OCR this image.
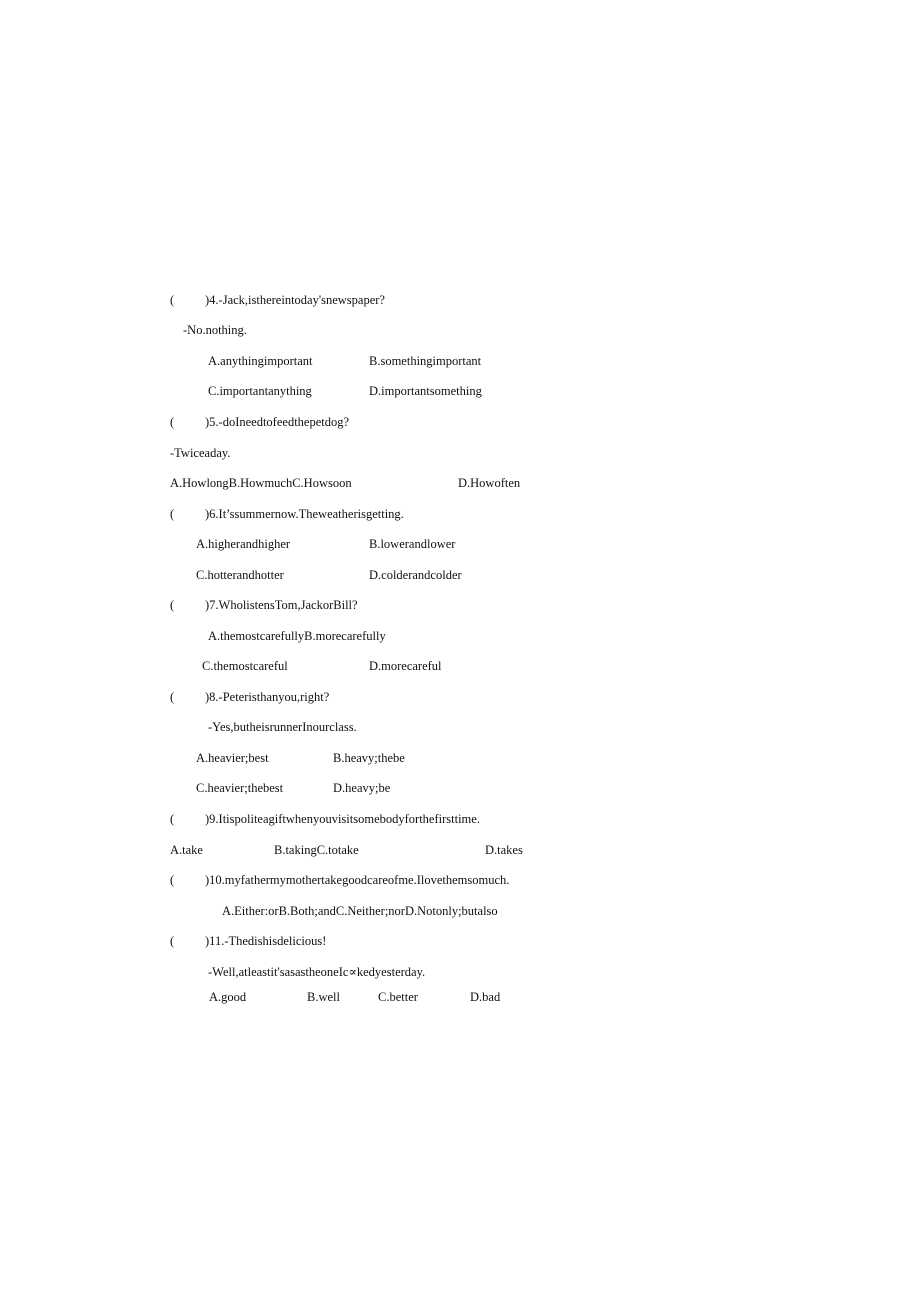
( )4.-Jack,isthereintoday'snewspaper?
-No.nothing.
A.anythingimportant	B.somethingimportant
C.importantanything	D.importantsomething
( )5.-doIneedtofeedthepetdog?
-Twiceaday.
A.HowlongB.HowmuchC.Howsoon	D.Howoften
( )6.It’ssummernow.Theweatherisgetting.
A.higherandhigher	B.lowerandlower
C.hotterandhotter	D.colderandcolder
( )7.WholistensTom,JackorBill?
A.themostcarefullyB.morecarefully
C.themostcareful	D.morecareful
( )8.-Peteristhanyou,right?
-Yes,butheisrunnerInourclass.
A.heavier;best	B.heavy;thebe
C.heavier;thebest	D.heavy;be
( )9.Itispoliteagiftwhenyouvisitsomebodyforthefirsttime.
A.take	B.takingC.totake	D.takes
( )10.myfathermymothertakegoodcareofme.Ilovethemsomuch.
A.Either:orB.Both;andC.Neither;norD.Notonly;butalso
( )11.-Thedishisdelicious!
-Well,atleastit'sasastheoneIc∝kedyesterday.
A.good	B.well	C.better	D.bad
